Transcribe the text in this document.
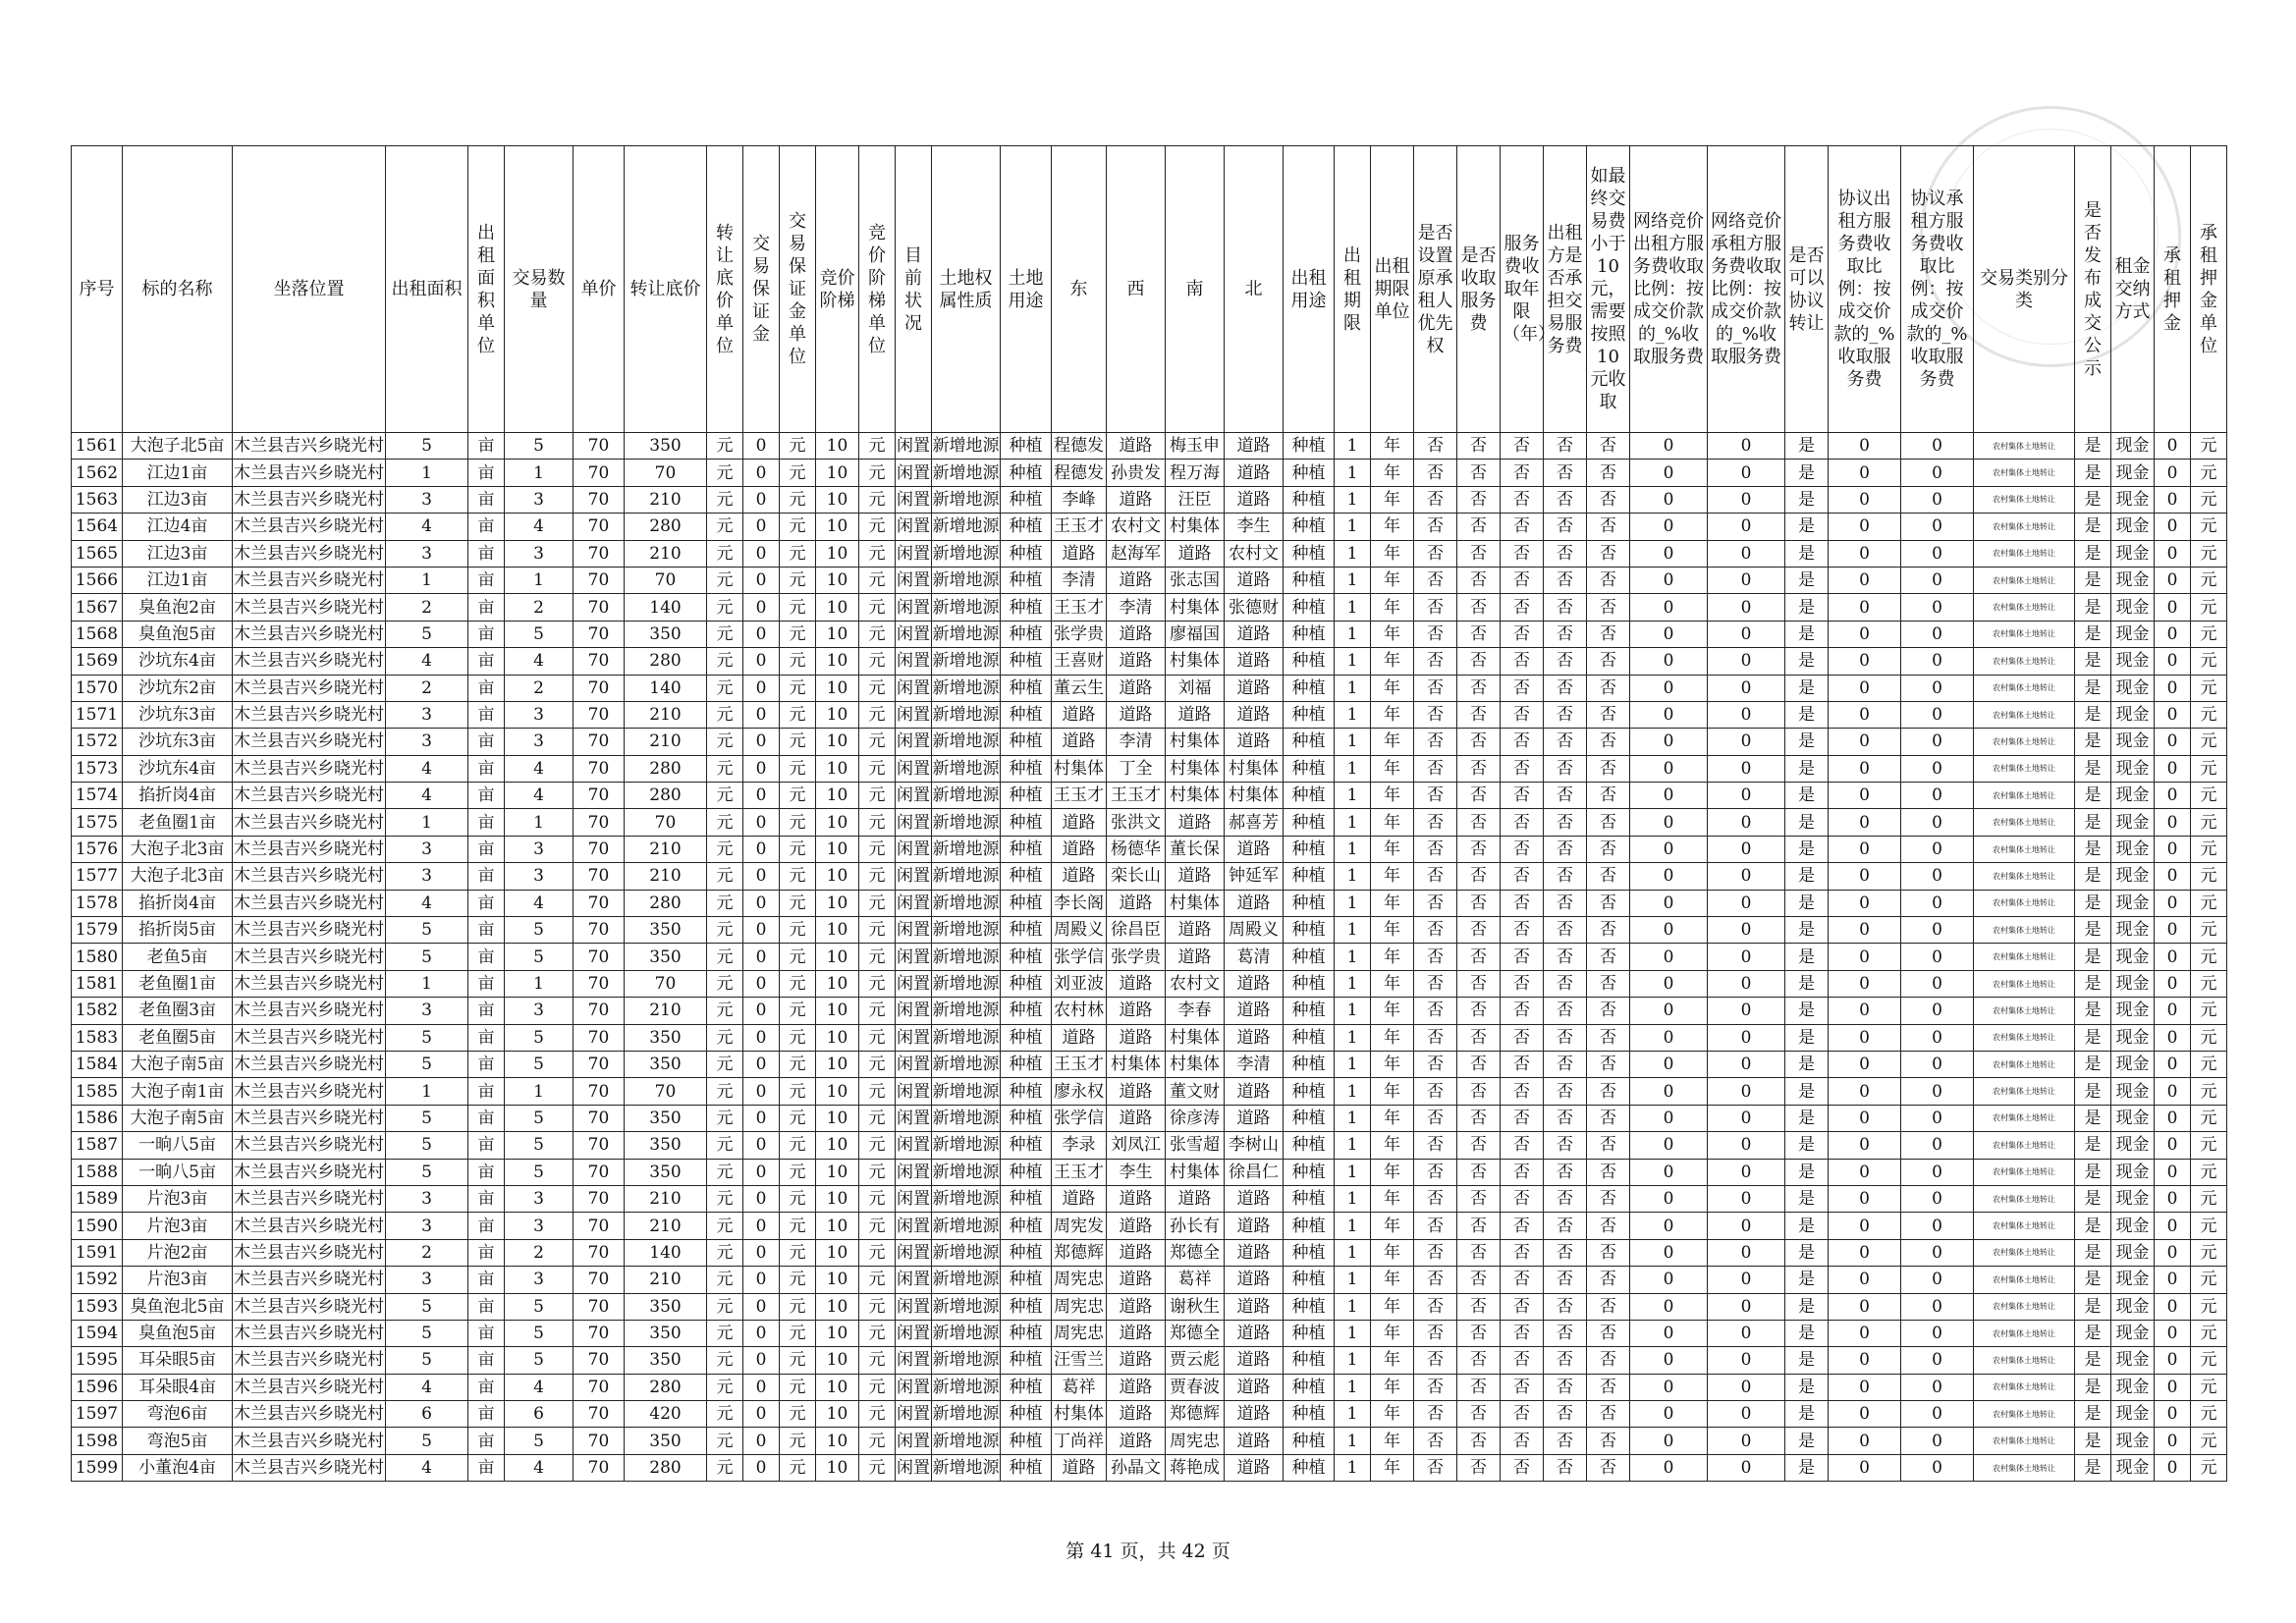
序号	标的名称	坐落位置	出租面积	出租面积单位	交易数量	单价	转让底价	转让底价单位	交易保证金	交易保证金单位	竞价阶梯	竞价阶梯单位	目前状况	土地权属性质	土地用途	东	西	南	北	出租用途	出租期限	出租期限单位	是否设置原承租人优先权	是否收取服务费	服务费收取年限（年）	出租方是否承担交易服务费	如最终交易费小于10元，需要按照10元收取	网络竞价出租方服务费收取比例：按成交价款的_%收取服务费	网络竞价承租方服务费收取比例：按成交价款的_%收取服务费	是否可以协议转让	协议出租方服务费收取比例：按成交价款的_%收取服务费	协议承租方服务费收取比例：按成交价款的_%收取服务费	交易类别分类	是否发布成交公示	租金交纳方式	承租押金	承租押金单位
1561	大泡子北5亩	木兰县吉兴乡晓光村	5	亩	5	70	350	元	0	元	10	元	闲置	新增地源	种植	程德发	道路	梅玉申	道路	种植	1	年	否	否	否	否	否	0	0	是	0	0	农村集体土地转让	是	现金	0	元
1562	江边1亩	木兰县吉兴乡晓光村	1	亩	1	70	70	元	0	元	10	元	闲置	新增地源	种植	程德发	孙贵发	程万海	道路	种植	1	年	否	否	否	否	否	0	0	是	0	0	农村集体土地转让	是	现金	0	元
1563	江边3亩	木兰县吉兴乡晓光村	3	亩	3	70	210	元	0	元	10	元	闲置	新增地源	种植	李峰	道路	汪臣	道路	种植	1	年	否	否	否	否	否	0	0	是	0	0	农村集体土地转让	是	现金	0	元
1564	江边4亩	木兰县吉兴乡晓光村	4	亩	4	70	280	元	0	元	10	元	闲置	新增地源	种植	王玉才	农村文	村集体	李生	种植	1	年	否	否	否	否	否	0	0	是	0	0	农村集体土地转让	是	现金	0	元
1565	江边3亩	木兰县吉兴乡晓光村	3	亩	3	70	210	元	0	元	10	元	闲置	新增地源	种植	道路	赵海军	道路	农村文	种植	1	年	否	否	否	否	否	0	0	是	0	0	农村集体土地转让	是	现金	0	元
1566	江边1亩	木兰县吉兴乡晓光村	1	亩	1	70	70	元	0	元	10	元	闲置	新增地源	种植	李清	道路	张志国	道路	种植	1	年	否	否	否	否	否	0	0	是	0	0	农村集体土地转让	是	现金	0	元
1567	臭鱼泡2亩	木兰县吉兴乡晓光村	2	亩	2	70	140	元	0	元	10	元	闲置	新增地源	种植	王玉才	李清	村集体	张德财	种植	1	年	否	否	否	否	否	0	0	是	0	0	农村集体土地转让	是	现金	0	元
1568	臭鱼泡5亩	木兰县吉兴乡晓光村	5	亩	5	70	350	元	0	元	10	元	闲置	新增地源	种植	张学贵	道路	廖福国	道路	种植	1	年	否	否	否	否	否	0	0	是	0	0	农村集体土地转让	是	现金	0	元
1569	沙坑东4亩	木兰县吉兴乡晓光村	4	亩	4	70	280	元	0	元	10	元	闲置	新增地源	种植	王喜财	道路	村集体	道路	种植	1	年	否	否	否	否	否	0	0	是	0	0	农村集体土地转让	是	现金	0	元
1570	沙坑东2亩	木兰县吉兴乡晓光村	2	亩	2	70	140	元	0	元	10	元	闲置	新增地源	种植	董云生	道路	刘福	道路	种植	1	年	否	否	否	否	否	0	0	是	0	0	农村集体土地转让	是	现金	0	元
1571	沙坑东3亩	木兰县吉兴乡晓光村	3	亩	3	70	210	元	0	元	10	元	闲置	新增地源	种植	道路	道路	道路	道路	种植	1	年	否	否	否	否	否	0	0	是	0	0	农村集体土地转让	是	现金	0	元
1572	沙坑东3亩	木兰县吉兴乡晓光村	3	亩	3	70	210	元	0	元	10	元	闲置	新增地源	种植	道路	李清	村集体	道路	种植	1	年	否	否	否	否	否	0	0	是	0	0	农村集体土地转让	是	现金	0	元
1573	沙坑东4亩	木兰县吉兴乡晓光村	4	亩	4	70	280	元	0	元	10	元	闲置	新增地源	种植	村集体	丁全	村集体	村集体	种植	1	年	否	否	否	否	否	0	0	是	0	0	农村集体土地转让	是	现金	0	元
1574	掐折岗4亩	木兰县吉兴乡晓光村	4	亩	4	70	280	元	0	元	10	元	闲置	新增地源	种植	王玉才	王玉才	村集体	村集体	种植	1	年	否	否	否	否	否	0	0	是	0	0	农村集体土地转让	是	现金	0	元
1575	老鱼圈1亩	木兰县吉兴乡晓光村	1	亩	1	70	70	元	0	元	10	元	闲置	新增地源	种植	道路	张洪文	道路	郝喜芳	种植	1	年	否	否	否	否	否	0	0	是	0	0	农村集体土地转让	是	现金	0	元
1576	大泡子北3亩	木兰县吉兴乡晓光村	3	亩	3	70	210	元	0	元	10	元	闲置	新增地源	种植	道路	杨德华	董长保	道路	种植	1	年	否	否	否	否	否	0	0	是	0	0	农村集体土地转让	是	现金	0	元
1577	大泡子北3亩	木兰县吉兴乡晓光村	3	亩	3	70	210	元	0	元	10	元	闲置	新增地源	种植	道路	栾长山	道路	钟延军	种植	1	年	否	否	否	否	否	0	0	是	0	0	农村集体土地转让	是	现金	0	元
1578	掐折岗4亩	木兰县吉兴乡晓光村	4	亩	4	70	280	元	0	元	10	元	闲置	新增地源	种植	李长阁	道路	村集体	道路	种植	1	年	否	否	否	否	否	0	0	是	0	0	农村集体土地转让	是	现金	0	元
1579	掐折岗5亩	木兰县吉兴乡晓光村	5	亩	5	70	350	元	0	元	10	元	闲置	新增地源	种植	周殿义	徐昌臣	道路	周殿义	种植	1	年	否	否	否	否	否	0	0	是	0	0	农村集体土地转让	是	现金	0	元
1580	老鱼5亩	木兰县吉兴乡晓光村	5	亩	5	70	350	元	0	元	10	元	闲置	新增地源	种植	张学信	张学贵	道路	葛清	种植	1	年	否	否	否	否	否	0	0	是	0	0	农村集体土地转让	是	现金	0	元
1581	老鱼圈1亩	木兰县吉兴乡晓光村	1	亩	1	70	70	元	0	元	10	元	闲置	新增地源	种植	刘亚波	道路	农村文	道路	种植	1	年	否	否	否	否	否	0	0	是	0	0	农村集体土地转让	是	现金	0	元
1582	老鱼圈3亩	木兰县吉兴乡晓光村	3	亩	3	70	210	元	0	元	10	元	闲置	新增地源	种植	农村林	道路	李春	道路	种植	1	年	否	否	否	否	否	0	0	是	0	0	农村集体土地转让	是	现金	0	元
1583	老鱼圈5亩	木兰县吉兴乡晓光村	5	亩	5	70	350	元	0	元	10	元	闲置	新增地源	种植	道路	道路	村集体	道路	种植	1	年	否	否	否	否	否	0	0	是	0	0	农村集体土地转让	是	现金	0	元
1584	大泡子南5亩	木兰县吉兴乡晓光村	5	亩	5	70	350	元	0	元	10	元	闲置	新增地源	种植	王玉才	村集体	村集体	李清	种植	1	年	否	否	否	否	否	0	0	是	0	0	农村集体土地转让	是	现金	0	元
1585	大泡子南1亩	木兰县吉兴乡晓光村	1	亩	1	70	70	元	0	元	10	元	闲置	新增地源	种植	廖永权	道路	董文财	道路	种植	1	年	否	否	否	否	否	0	0	是	0	0	农村集体土地转让	是	现金	0	元
1586	大泡子南5亩	木兰县吉兴乡晓光村	5	亩	5	70	350	元	0	元	10	元	闲置	新增地源	种植	张学信	道路	徐彦涛	道路	种植	1	年	否	否	否	否	否	0	0	是	0	0	农村集体土地转让	是	现金	0	元
1587	一晌八5亩	木兰县吉兴乡晓光村	5	亩	5	70	350	元	0	元	10	元	闲置	新增地源	种植	李录	刘凤江	张雪超	李树山	种植	1	年	否	否	否	否	否	0	0	是	0	0	农村集体土地转让	是	现金	0	元
1588	一晌八5亩	木兰县吉兴乡晓光村	5	亩	5	70	350	元	0	元	10	元	闲置	新增地源	种植	王玉才	李生	村集体	徐昌仁	种植	1	年	否	否	否	否	否	0	0	是	0	0	农村集体土地转让	是	现金	0	元
1589	片泡3亩	木兰县吉兴乡晓光村	3	亩	3	70	210	元	0	元	10	元	闲置	新增地源	种植	道路	道路	道路	道路	种植	1	年	否	否	否	否	否	0	0	是	0	0	农村集体土地转让	是	现金	0	元
1590	片泡3亩	木兰县吉兴乡晓光村	3	亩	3	70	210	元	0	元	10	元	闲置	新增地源	种植	周宪发	道路	孙长有	道路	种植	1	年	否	否	否	否	否	0	0	是	0	0	农村集体土地转让	是	现金	0	元
1591	片泡2亩	木兰县吉兴乡晓光村	2	亩	2	70	140	元	0	元	10	元	闲置	新增地源	种植	郑德辉	道路	郑德全	道路	种植	1	年	否	否	否	否	否	0	0	是	0	0	农村集体土地转让	是	现金	0	元
1592	片泡3亩	木兰县吉兴乡晓光村	3	亩	3	70	210	元	0	元	10	元	闲置	新增地源	种植	周宪忠	道路	葛祥	道路	种植	1	年	否	否	否	否	否	0	0	是	0	0	农村集体土地转让	是	现金	0	元
1593	臭鱼泡北5亩	木兰县吉兴乡晓光村	5	亩	5	70	350	元	0	元	10	元	闲置	新增地源	种植	周宪忠	道路	谢秋生	道路	种植	1	年	否	否	否	否	否	0	0	是	0	0	农村集体土地转让	是	现金	0	元
1594	臭鱼泡5亩	木兰县吉兴乡晓光村	5	亩	5	70	350	元	0	元	10	元	闲置	新增地源	种植	周宪忠	道路	郑德全	道路	种植	1	年	否	否	否	否	否	0	0	是	0	0	农村集体土地转让	是	现金	0	元
1595	耳朵眼5亩	木兰县吉兴乡晓光村	5	亩	5	70	350	元	0	元	10	元	闲置	新增地源	种植	汪雪兰	道路	贾云彪	道路	种植	1	年	否	否	否	否	否	0	0	是	0	0	农村集体土地转让	是	现金	0	元
1596	耳朵眼4亩	木兰县吉兴乡晓光村	4	亩	4	70	280	元	0	元	10	元	闲置	新增地源	种植	葛祥	道路	贾春波	道路	种植	1	年	否	否	否	否	否	0	0	是	0	0	农村集体土地转让	是	现金	0	元
1597	弯泡6亩	木兰县吉兴乡晓光村	6	亩	6	70	420	元	0	元	10	元	闲置	新增地源	种植	村集体	道路	郑德辉	道路	种植	1	年	否	否	否	否	否	0	0	是	0	0	农村集体土地转让	是	现金	0	元
1598	弯泡5亩	木兰县吉兴乡晓光村	5	亩	5	70	350	元	0	元	10	元	闲置	新增地源	种植	丁尚祥	道路	周宪忠	道路	种植	1	年	否	否	否	否	否	0	0	是	0	0	农村集体土地转让	是	现金	0	元
1599	小董泡4亩	木兰县吉兴乡晓光村	4	亩	4	70	280	元	0	元	10	元	闲置	新增地源	种植	道路	孙晶文	蒋艳成	道路	种植	1	年	否	否	否	否	否	0	0	是	0	0	农村集体土地转让	是	现金	0	元
第 41 页，共 42 页
